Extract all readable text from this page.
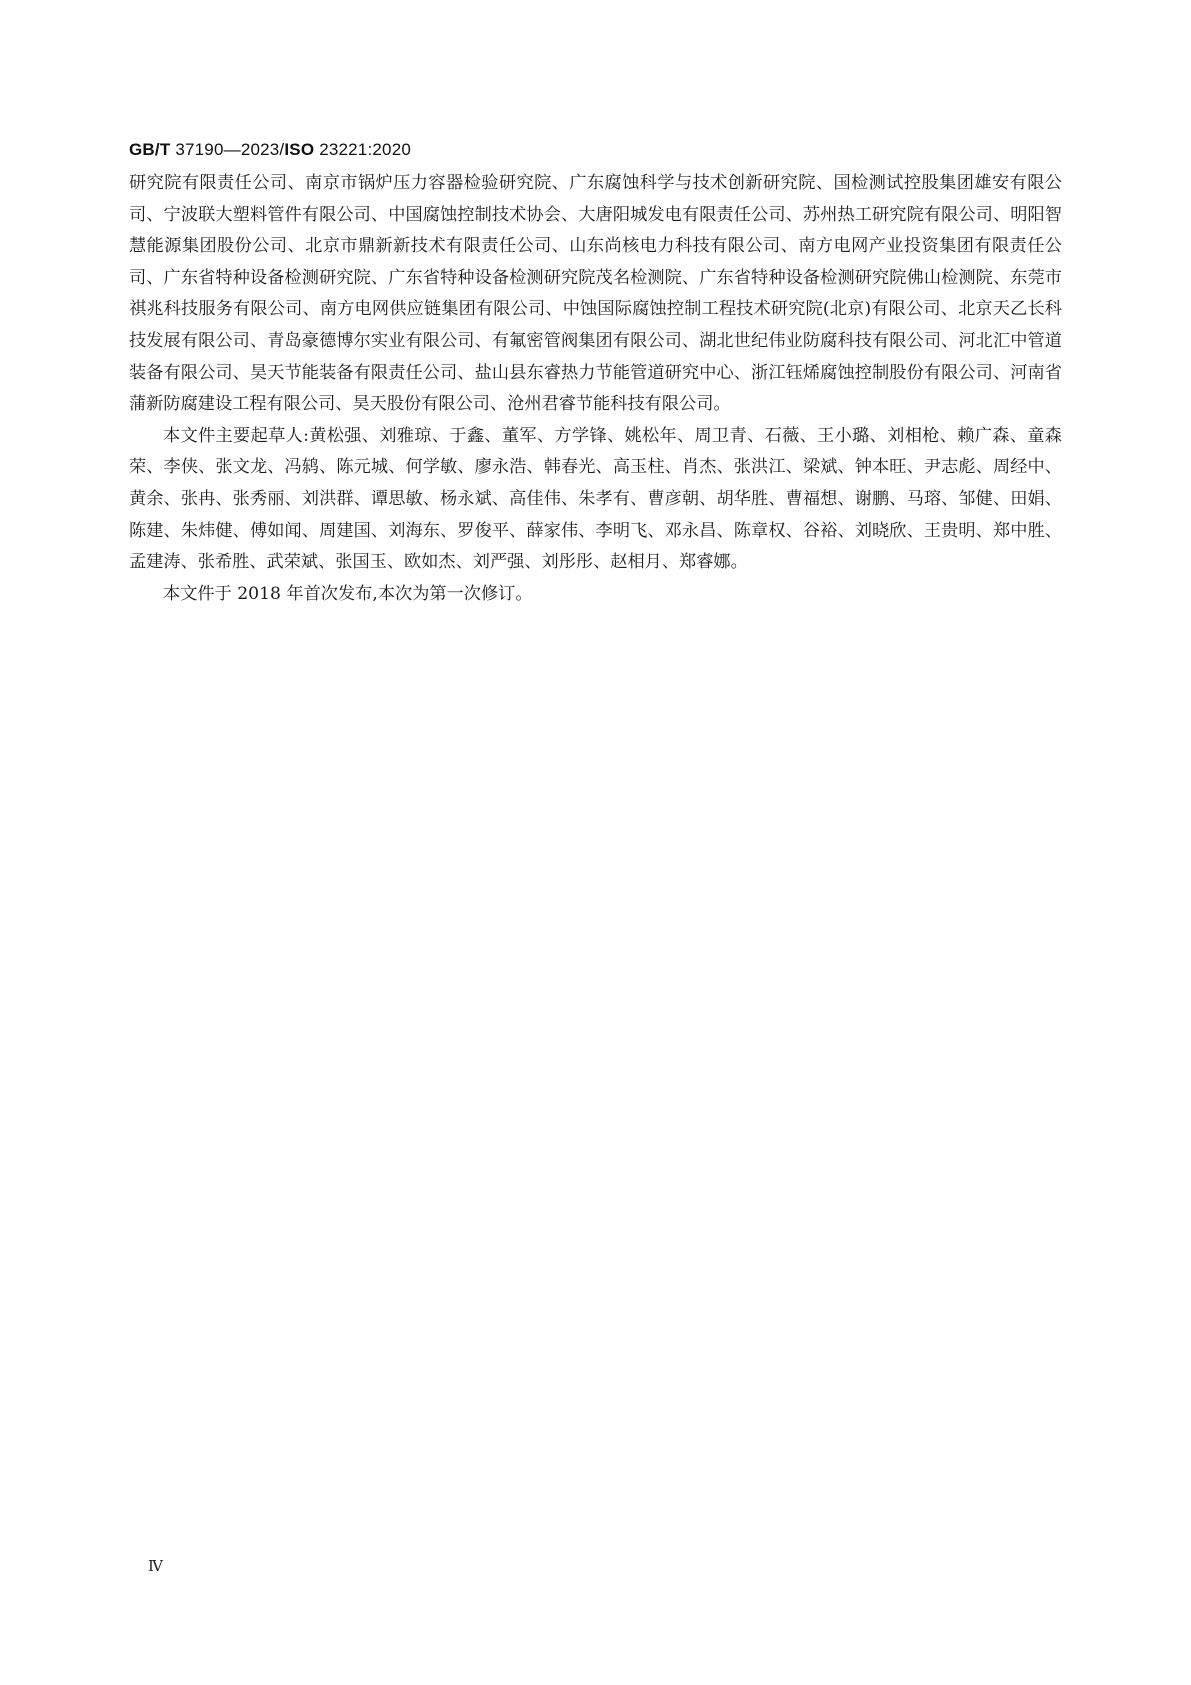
GB/T 37190—2023/ISO 23221:2020

研究院有限责任公司、南京市锅炉压力容器检验研究院、广东腐蚀科学与技术创新研究院、国检测试控股集团雄安有限公司、宁波联大塑料管件有限公司、中国腐蚀控制技术协会、大唐阳城发电有限责任公司、苏州热工研究院有限公司、明阳智慧能源集团股份公司、北京市鼎新新技术有限责任公司、山东尚核电力科技有限公司、南方电网产业投资集团有限责任公司、广东省特种设备检测研究院、广东省特种设备检测研究院茂名检测院、广东省特种设备检测研究院佛山检测院、东莞市祺兆科技服务有限公司、南方电网供应链集团有限公司、中蚀国际腐蚀控制工程技术研究院(北京)有限公司、北京天乙长科技发展有限公司、青岛豪德博尔实业有限公司、有氟密管阀集团有限公司、湖北世纪伟业防腐科技有限公司、河北汇中管道装备有限公司、昊天节能装备有限责任公司、盐山县东睿热力节能管道研究中心、浙江钰烯腐蚀控制股份有限公司、河南省蒲新防腐建设工程有限公司、昊天股份有限公司、沧州君睿节能科技有限公司。

本文件主要起草人:黄松强、刘雅琼、于鑫、董军、方学锋、姚松年、周卫青、石薇、王小璐、刘相枪、赖广森、童森荣、李侠、张文龙、冯鸫、陈元城、何学敏、廖永浩、韩春光、高玉柱、肖杰、张洪江、梁斌、钟本旺、尹志彪、周经中、黄余、张冉、张秀丽、刘洪群、谭思敏、杨永斌、高佳伟、朱孝有、曹彦朝、胡华胜、曹福想、谢鹏、马瑢、邹健、田娟、陈建、朱炜健、傅如闻、周建国、刘海东、罗俊平、薛家伟、李明飞、邓永昌、陈章权、谷裕、刘晓欣、王贵明、郑中胜、孟建涛、张希胜、武荣斌、张国玉、欧如杰、刘严强、刘彤彤、赵相月、郑睿娜。

本文件于 2018 年首次发布,本次为第一次修订。

Ⅳ
